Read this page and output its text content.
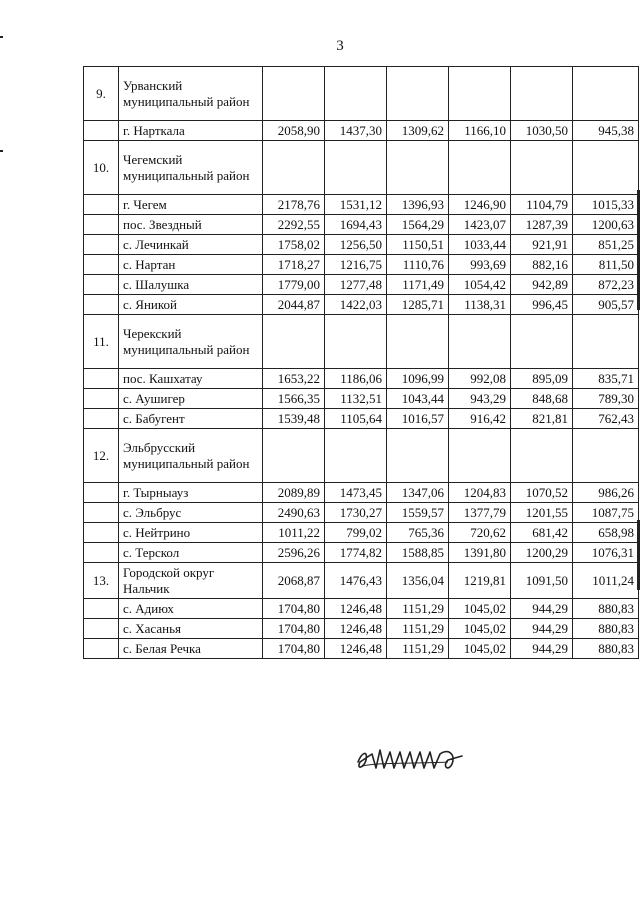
3
9.	Урванский муниципальный район						
	г. Нарткала	2058,90	1437,30	1309,62	1166,10	1030,50	945,38
10.	Чегемский муниципальный район						
	г. Чегем	2178,76	1531,12	1396,93	1246,90	1104,79	1015,33
	пос. Звездный	2292,55	1694,43	1564,29	1423,07	1287,39	1200,63
	с. Лечинкай	1758,02	1256,50	1150,51	1033,44	921,91	851,25
	с. Нартан	1718,27	1216,75	1110,76	993,69	882,16	811,50
	с. Шалушка	1779,00	1277,48	1171,49	1054,42	942,89	872,23
	с. Яникой	2044,87	1422,03	1285,71	1138,31	996,45	905,57
11.	Черекский муниципальный район						
	пос. Кашхатау	1653,22	1186,06	1096,99	992,08	895,09	835,71
	с. Аушигер	1566,35	1132,51	1043,44	943,29	848,68	789,30
	с. Бабугент	1539,48	1105,64	1016,57	916,42	821,81	762,43
12.	Эльбрусский муниципальный район						
	г. Тырныауз	2089,89	1473,45	1347,06	1204,83	1070,52	986,26
	с. Эльбрус	2490,63	1730,27	1559,57	1377,79	1201,55	1087,75
	с. Нейтрино	1011,22	799,02	765,36	720,62	681,42	658,98
	с. Терскол	2596,26	1774,82	1588,85	1391,80	1200,29	1076,31
13.	Городской округ Нальчик	2068,87	1476,43	1356,04	1219,81	1091,50	1011,24
	с. Адиюх	1704,80	1246,48	1151,29	1045,02	944,29	880,83
	с. Хасанья	1704,80	1246,48	1151,29	1045,02	944,29	880,83
	с. Белая Речка	1704,80	1246,48	1151,29	1045,02	944,29	880,83
